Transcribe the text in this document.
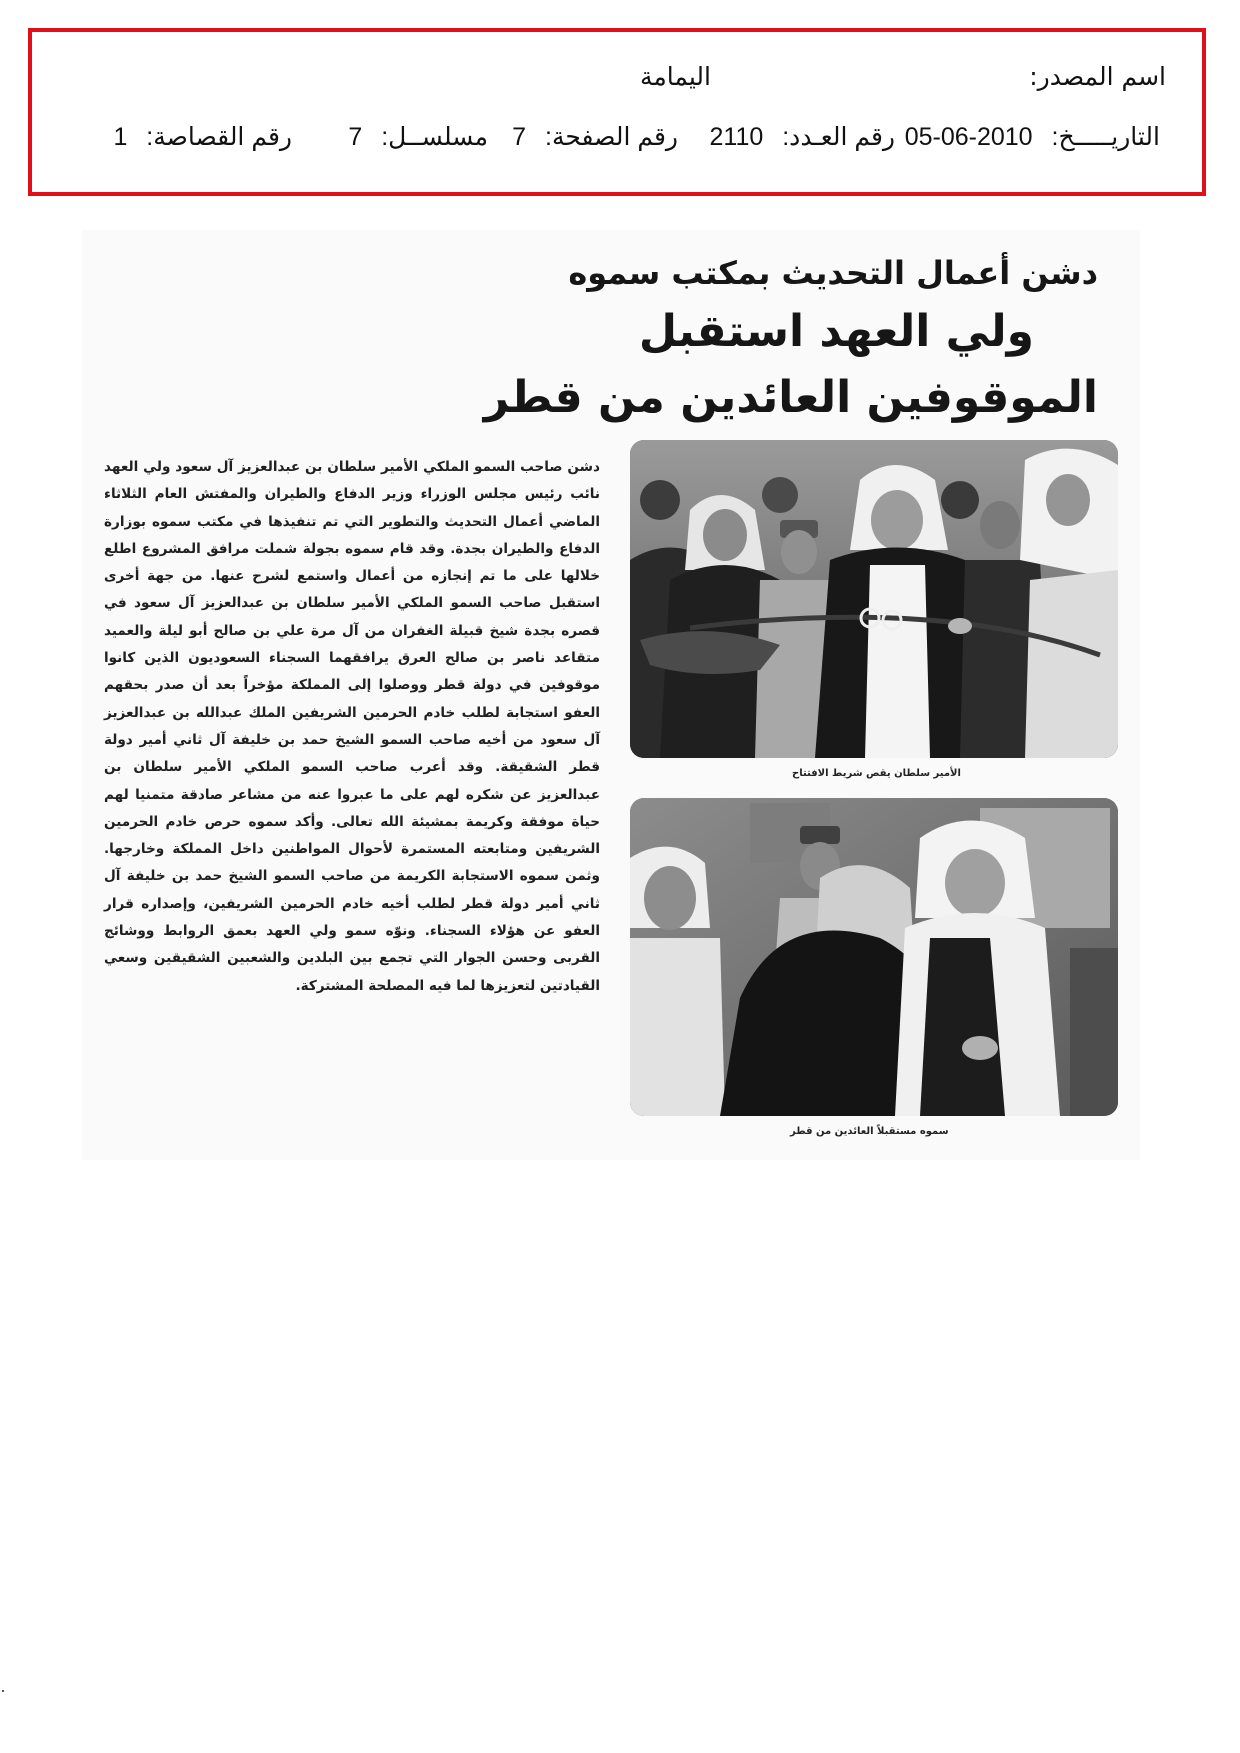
اسم المصدر:
اليمامة
التاريـــــخ: 05-06-2010
رقم العـدد: 2110
رقم الصفحة: 7
مسلســل: 7
رقم القصاصة: 1
دشن أعمال التحديث بمكتب سموه
ولي العهد استقبل
الموقوفين العائدين من قطر
دشن صاحب السمو الملكي الأمير سلطان بن عبدالعزيز آل سعود ولي العهد نائب رئيس مجلس الوزراء وزير الدفاع والطيران والمفتش العام الثلاثاء الماضي أعمال التحديث والتطوير التي تم تنفيذها في مكتب سموه بوزارة الدفاع والطيران بجدة. وقد قام سموه بجولة شملت مرافق المشروع اطلع خلالها على ما تم إنجازه من أعمال واستمع لشرح عنها. من جهة أخرى استقبل صاحب السمو الملكي الأمير سلطان بن عبدالعزيز آل سعود في قصره بجدة شيخ قبيلة الغفران من آل مرة علي بن صالح أبو ليلة والعميد متقاعد ناصر بن صالح العرق يرافقهما السجناء السعوديون الذين كانوا موقوفين في دولة قطر ووصلوا إلى المملكة مؤخراً بعد أن صدر بحقهم العفو استجابة لطلب خادم الحرمين الشريفين الملك عبدالله بن عبدالعزيز آل سعود من أخيه صاحب السمو الشيخ حمد بن خليفة آل ثاني أمير دولة قطر الشقيقة. وقد أعرب صاحب السمو الملكي الأمير سلطان بن عبدالعزيز عن شكره لهم على ما عبروا عنه من مشاعر صادقة متمنيا لهم حياة موفقة وكريمة بمشيئة الله تعالى. وأكد سموه حرص خادم الحرمين الشريفين ومتابعته المستمرة لأحوال المواطنين داخل المملكة وخارجها. وثمن سموه الاستجابة الكريمة من صاحب السمو الشيخ حمد بن خليفة آل ثاني أمير دولة قطر لطلب أخيه خادم الحرمين الشريفين، وإصداره قرار العفو عن هؤلاء السجناء. ونوّه سمو ولي العهد بعمق الروابط ووشائج القربى وحسن الجوار التي تجمع بين البلدين والشعبين الشقيقين وسعي القيادتين لتعزيزها لما فيه المصلحة المشتركة.
الأمير سلطان يقص شريط الافتتاح
سموه مستقبلاً العائدين من قطر
